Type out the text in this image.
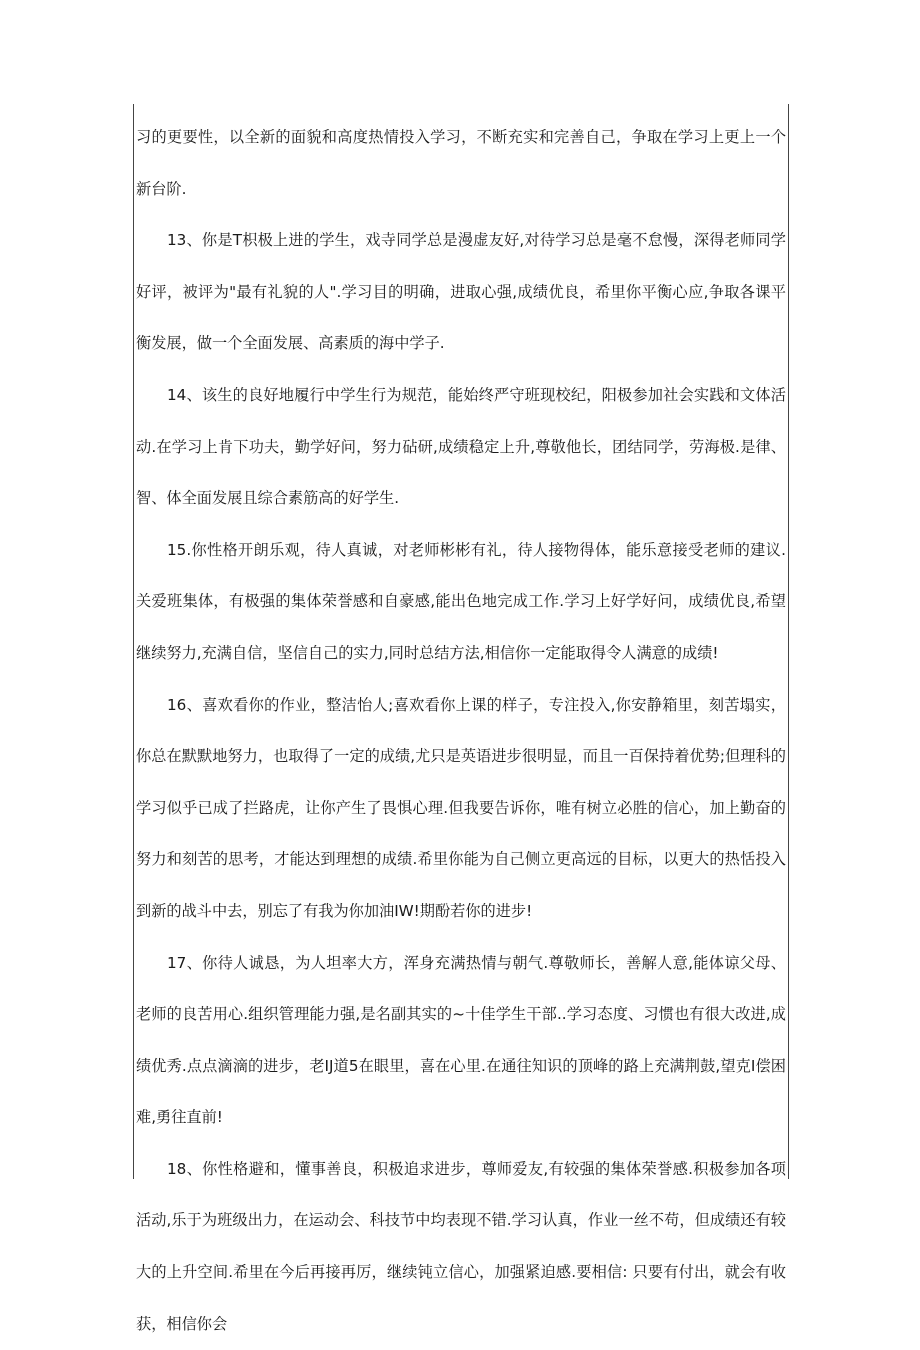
习的更要性，以全新的面貌和高度热情投入学习，不断充实和完善自己，争取在学习上更上一个新台阶.

13、你是T枳极上进的学生，戏寺同学总是漫虚友好,对待学习总是毫不怠慢，深得老师同学好评，被评为"最有礼貌的人".学习目的明确，进取心强,成绩优良，希里你平衡心应,争取各课平衡发展，做一个全面发展、高素质的海中学子.

14、该生的良好地履行中学生行为规范，能始终严守班现校纪，阳极参加社会实践和文体活动.在学习上肯下功夫，勤学好问，努力砧研,成绩稳定上升,尊敬他长，团结同学，劳海极.是律、智、体全面发展且综合素筋高的好学生.

15.你性格开朗乐观，待人真诚，对老师彬彬有礼，待人接物得体，能乐意接受老师的建议.关爱班集体，有极强的集体荣誉感和自豪感,能出色地完成工作.学习上好学好问，成绩优良,希望继续努力,充满自信，坚信自己的实力,同时总结方法,相信你一定能取得令人满意的成绩!

16、喜欢看你的作业，整洁怡人;喜欢看你上课的样子，专注投入,你安静箱里，刻苦塌实，你总在默默地努力，也取得了一定的成绩,尤只是英语进步很明显，而且一百保持着优势;但理科的学习似乎已成了拦路虎，让你产生了畏惧心理.但我要告诉你，唯有树立必胜的信心，加上勤奋的努力和刻苦的思考，才能达到理想的成绩.希里你能为自己侧立更高远的目标，以更大的热恬投入到新的战斗中去，别忘了有我为你加油IW!期酚若你的进步!

17、你待人诚恳，为人坦率大方，浑身充满热情与朝气.尊敬师长，善解人意,能体谅父母、老师的良苦用心.组织管理能力强,是名副其实的~十佳学生干部..学习态度、习惯也有很大改进,成绩优秀.点点滴滴的进步，老IJ道5在眼里，喜在心里.在通往知识的顶峰的路上充满荆鼓,望克I偿困难,勇往直前!

18、你性格避和，懂事善良，积极追求进步，尊师爱友,有较强的集体荣誉感.积极参加各项活动,乐于为班级出力，在运动会、科技节中均表现不错.学习认真，作业一丝不苟，但成绩还有较大的上升空间.希里在今后再接再厉，继续钝立信心，加强紧迫感.要相信: 只要有付出，就会有收获，相信你会
